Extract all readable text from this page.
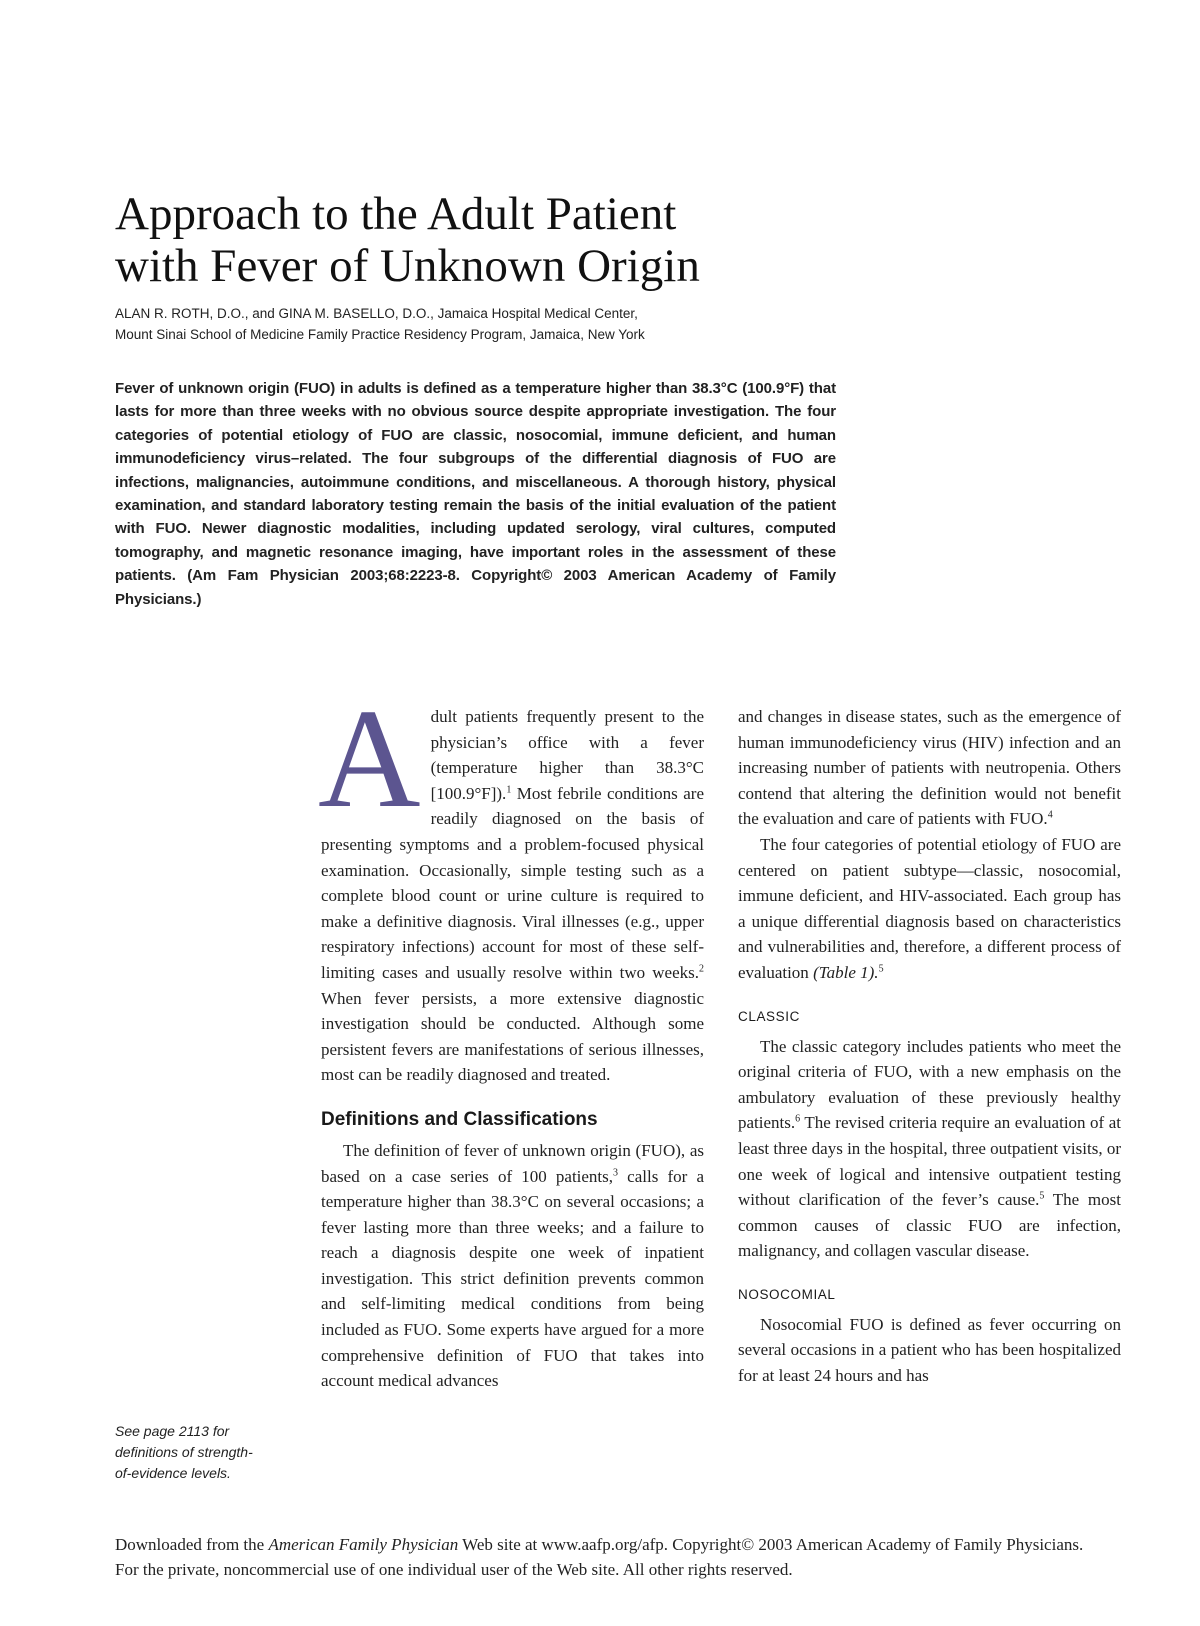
Approach to the Adult Patient
with Fever of Unknown Origin
ALAN R. ROTH, D.O., and GINA M. BASELLO, D.O., Jamaica Hospital Medical Center,
Mount Sinai School of Medicine Family Practice Residency Program, Jamaica, New York
Fever of unknown origin (FUO) in adults is defined as a temperature higher than 38.3°C (100.9°F) that lasts for more than three weeks with no obvious source despite appropriate investigation. The four categories of potential etiology of FUO are classic, nosocomial, immune deficient, and human immunodeficiency virus–related. The four subgroups of the differential diagnosis of FUO are infections, malignancies, autoimmune conditions, and miscellaneous. A thorough history, physical examination, and standard laboratory testing remain the basis of the initial evaluation of the patient with FUO. Newer diagnostic modalities, including updated serology, viral cultures, computed tomography, and magnetic resonance imaging, have important roles in the assessment of these patients. (Am Fam Physician 2003;68:2223-8. Copyright© 2003 American Academy of Family Physicians.)

Adult patients frequently present to the physician’s office with a fever (temperature higher than 38.3°C [100.9°F]).$^1$ Most febrile conditions are readily diagnosed on the basis of presenting symptoms and a problem-focused physical examination. Occasionally, simple testing such as a complete blood count or urine culture is required to make a definitive diagnosis. Viral illnesses (e.g., upper respiratory infections) account for most of these self-limiting cases and usually resolve within two weeks.$^2$ When fever persists, a more extensive diagnostic investigation should be conducted. Although some persistent fevers are manifestations of serious illnesses, most can be readily diagnosed and treated.

Definitions and Classifications

The definition of fever of unknown origin (FUO), as based on a case series of 100 patients,$^3$ calls for a temperature higher than 38.3°C on several occasions; a fever lasting more than three weeks; and a failure to reach a diagnosis despite one week of inpatient investigation. This strict definition prevents common and self-limiting medical conditions from being included as FUO. Some experts have argued for a more comprehensive definition of FUO that takes into account medical advances

and changes in disease states, such as the emergence of human immunodeficiency virus (HIV) infection and an increasing number of patients with neutropenia. Others contend that altering the definition would not benefit the evaluation and care of patients with FUO.$^4$

The four categories of potential etiology of FUO are centered on patient subtype—classic, nosocomial, immune deficient, and HIV-associated. Each group has a unique differential diagnosis based on characteristics and vulnerabilities and, therefore, a different process of evaluation (Table 1).$^5$

CLASSIC

The classic category includes patients who meet the original criteria of FUO, with a new emphasis on the ambulatory evaluation of these previously healthy patients.$^6$ The revised criteria require an evaluation of at least three days in the hospital, three outpatient visits, or one week of logical and intensive outpatient testing without clarification of the fever’s cause.$^5$ The most common causes of classic FUO are infection, malignancy, and collagen vascular disease.

NOSOCOMIAL

Nosocomial FUO is defined as fever occurring on several occasions in a patient who has been hospitalized for at least 24 hours and has

See page 2113 for
definitions of strength-
of-evidence levels.
Downloaded from the American Family Physician Web site at www.aafp.org/afp. Copyright© 2003 American Academy of Family Physicians. For the private, noncommercial use of one individual user of the Web site. All other rights reserved.
